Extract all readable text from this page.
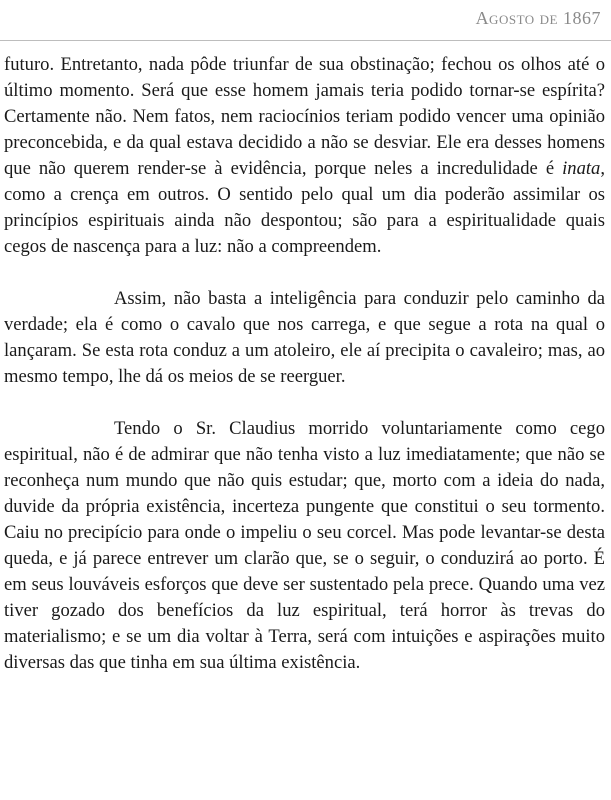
Agosto de 1867

futuro. Entretanto, nada pôde triunfar de sua obstinação; fechou os olhos até o último momento. Será que esse homem jamais teria podido tornar-se espírita? Certamente não. Nem fatos, nem raciocínios teriam podido vencer uma opinião preconcebida, e da qual estava decidido a não se desviar. Ele era desses homens que não querem render-se à evidência, porque neles a incredulidade é inata, como a crença em outros. O sentido pelo qual um dia poderão assimilar os princípios espirituais ainda não despontou; são para a espiritualidade quais cegos de nascença para a luz: não a compreendem.

Assim, não basta a inteligência para conduzir pelo caminho da verdade; ela é como o cavalo que nos carrega, e que segue a rota na qual o lançaram. Se esta rota conduz a um atoleiro, ele aí precipita o cavaleiro; mas, ao mesmo tempo, lhe dá os meios de se reerguer.

Tendo o Sr. Claudius morrido voluntariamente como cego espiritual, não é de admirar que não tenha visto a luz imediatamente; que não se reconheça num mundo que não quis estudar; que, morto com a ideia do nada, duvide da própria existência, incerteza pungente que constitui o seu tormento. Caiu no precipício para onde o impeliu o seu corcel. Mas pode levantar-se desta queda, e já parece entrever um clarão que, se o seguir, o conduzirá ao porto. É em seus louváveis esforços que deve ser sustentado pela prece. Quando uma vez tiver gozado dos benefícios da luz espiritual, terá horror às trevas do materialismo; e se um dia voltar à Terra, será com intuições e aspirações muito diversas das que tinha em sua última existência.
